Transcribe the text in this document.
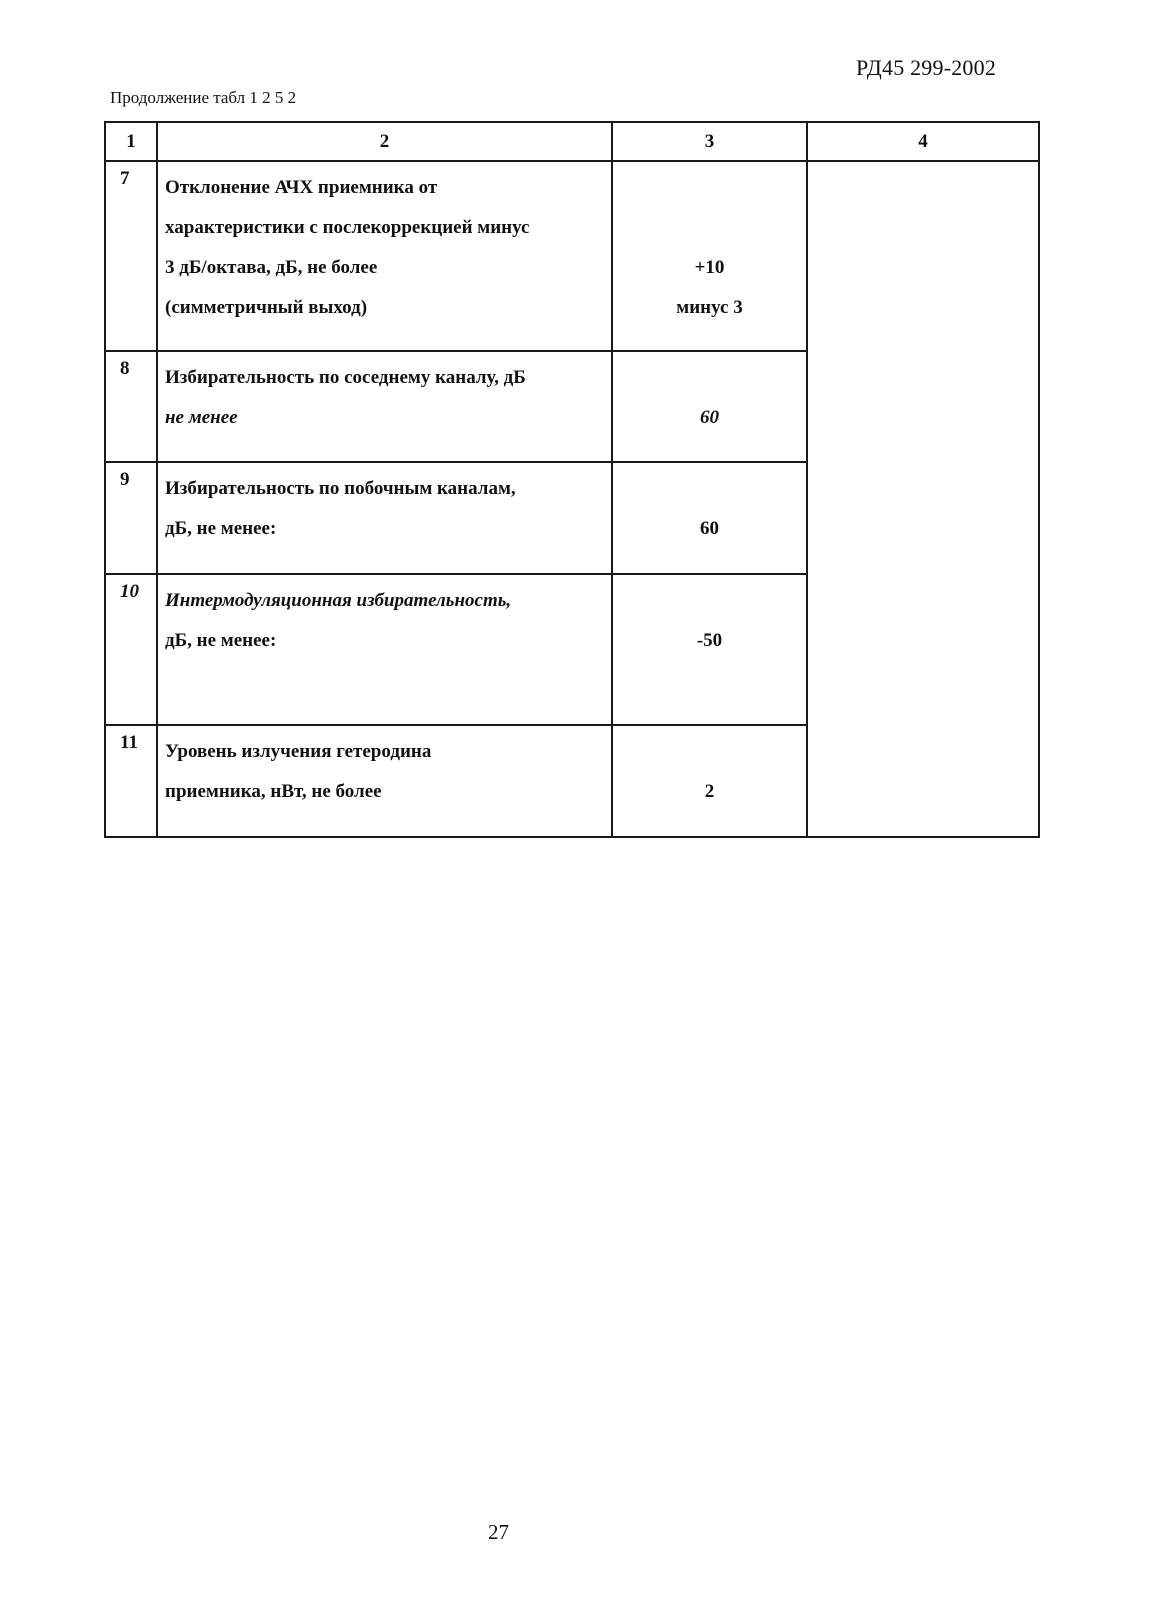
РД45 299-2002
Продолжение табл 1 2 5 2
1	2	3	4
7	Отклонение АЧХ приемника от
характеристики с послекоррекцией минус
3 дБ/октава, дБ, не более
(симметричный выход)	+10
минус 3	

8	Избирательность по соседнему каналу, дБ
не менее	60	

9	Избирательность по побочным каналам,
дБ, не менее:	60	

10	Интермодуляционная избирательность,
дБ, не менее:	-50	

11	Уровень излучения гетеродина
приемника, нВт, не более	2	
27
